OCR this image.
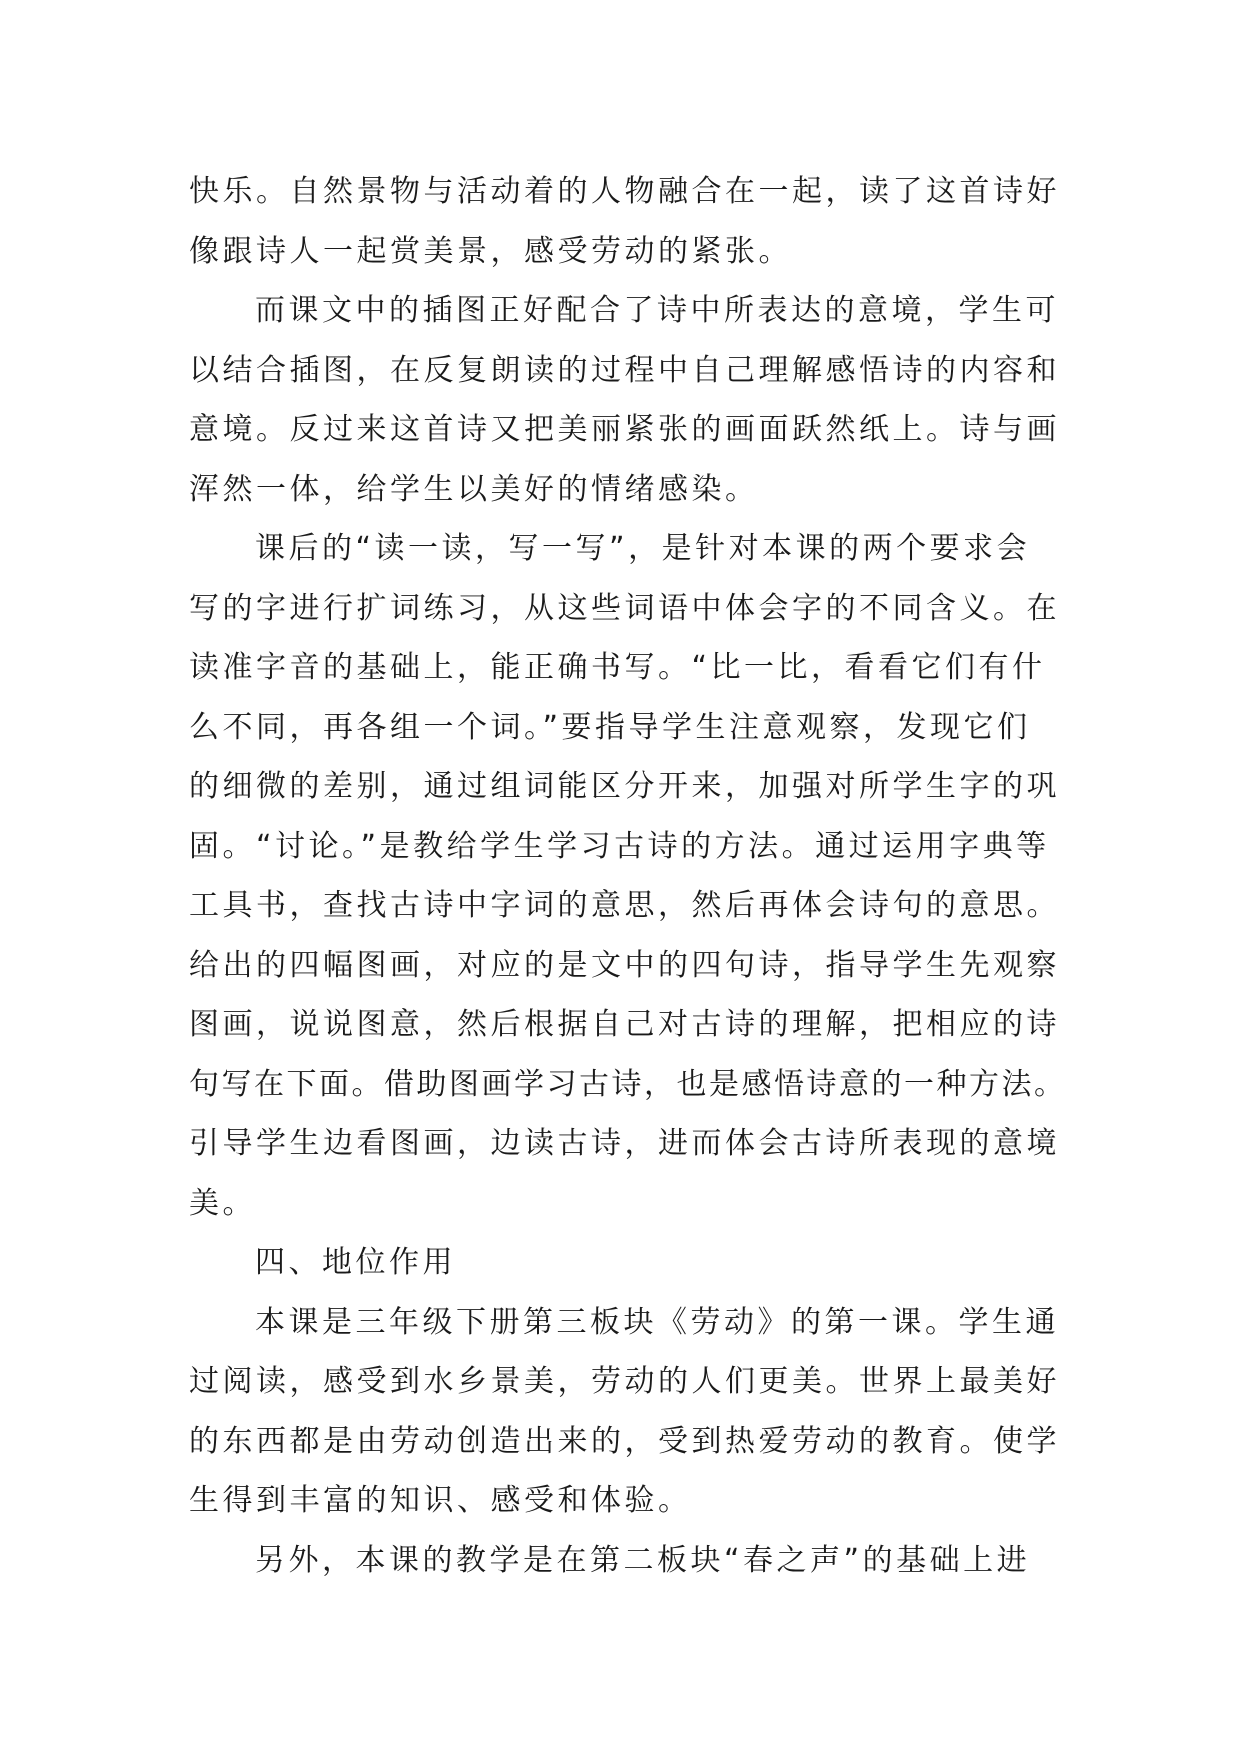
快乐。自然景物与活动着的人物融合在一起，读了这首诗好
像跟诗人一起赏美景，感受劳动的紧张。
而课文中的插图正好配合了诗中所表达的意境，学生可
以结合插图，在反复朗读的过程中自己理解感悟诗的内容和
意境。反过来这首诗又把美丽紧张的画面跃然纸上。诗与画
浑然一体，给学生以美好的情绪感染。
课后的“读一读，写一写”，是针对本课的两个要求会
写的字进行扩词练习，从这些词语中体会字的不同含义。在
读准字音的基础上，能正确书写。“比一比，看看它们有什
么不同，再各组一个词。”要指导学生注意观察，发现它们
的细微的差别，通过组词能区分开来，加强对所学生字的巩
固。“讨论。”是教给学生学习古诗的方法。通过运用字典等
工具书，查找古诗中字词的意思，然后再体会诗句的意思。
给出的四幅图画，对应的是文中的四句诗，指导学生先观察
图画，说说图意，然后根据自己对古诗的理解，把相应的诗
句写在下面。借助图画学习古诗，也是感悟诗意的一种方法。
引导学生边看图画，边读古诗，进而体会古诗所表现的意境
美。
四、地位作用
本课是三年级下册第三板块《劳动》的第一课。学生通
过阅读，感受到水乡景美，劳动的人们更美。世界上最美好
的东西都是由劳动创造出来的，受到热爱劳动的教育。使学
生得到丰富的知识、感受和体验。
另外，本课的教学是在第二板块“春之声”的基础上进
